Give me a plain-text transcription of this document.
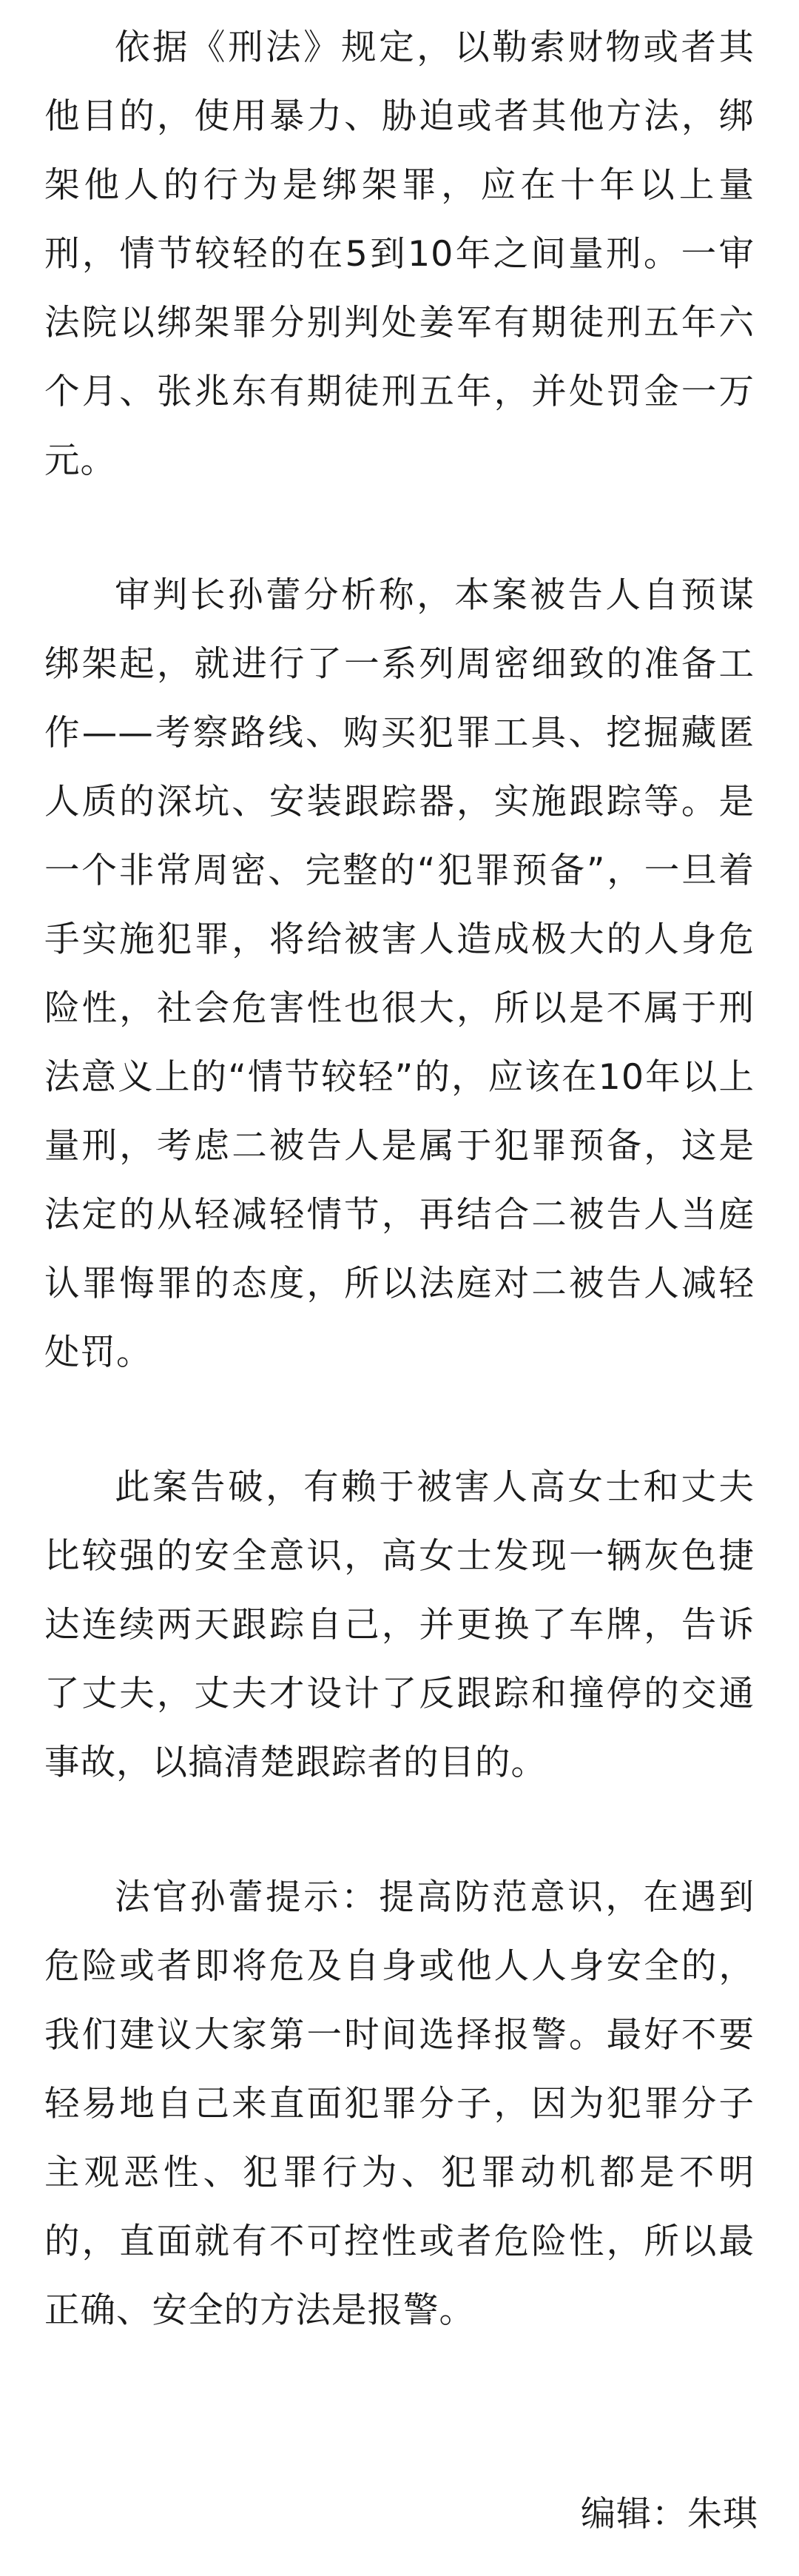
依据《刑法》规定，以勒索财物或者其他目的，使用暴力、胁迫或者其他方法，绑架他人的行为是绑架罪，应在十年以上量刑，情节较轻的在5到10年之间量刑。一审法院以绑架罪分别判处姜军有期徒刑五年六个月、张兆东有期徒刑五年，并处罚金一万元。

审判长孙蕾分析称，本案被告人自预谋绑架起，就进行了一系列周密细致的准备工作——考察路线、购买犯罪工具、挖掘藏匿人质的深坑、安装跟踪器，实施跟踪等。是一个非常周密、完整的“犯罪预备”，一旦着手实施犯罪，将给被害人造成极大的人身危险性，社会危害性也很大，所以是不属于刑法意义上的“情节较轻”的，应该在10年以上量刑，考虑二被告人是属于犯罪预备，这是法定的从轻减轻情节，再结合二被告人当庭认罪悔罪的态度，所以法庭对二被告人减轻处罚。

此案告破，有赖于被害人高女士和丈夫比较强的安全意识，高女士发现一辆灰色捷达连续两天跟踪自己，并更换了车牌，告诉了丈夫，丈夫才设计了反跟踪和撞停的交通事故，以搞清楚跟踪者的目的。

法官孙蕾提示：提高防范意识，在遇到危险或者即将危及自身或他人人身安全的，我们建议大家第一时间选择报警。最好不要轻易地自己来直面犯罪分子，因为犯罪分子主观恶性、犯罪行为、犯罪动机都是不明的，直面就有不可控性或者危险性，所以最正确、安全的方法是报警。

编辑：朱琪
